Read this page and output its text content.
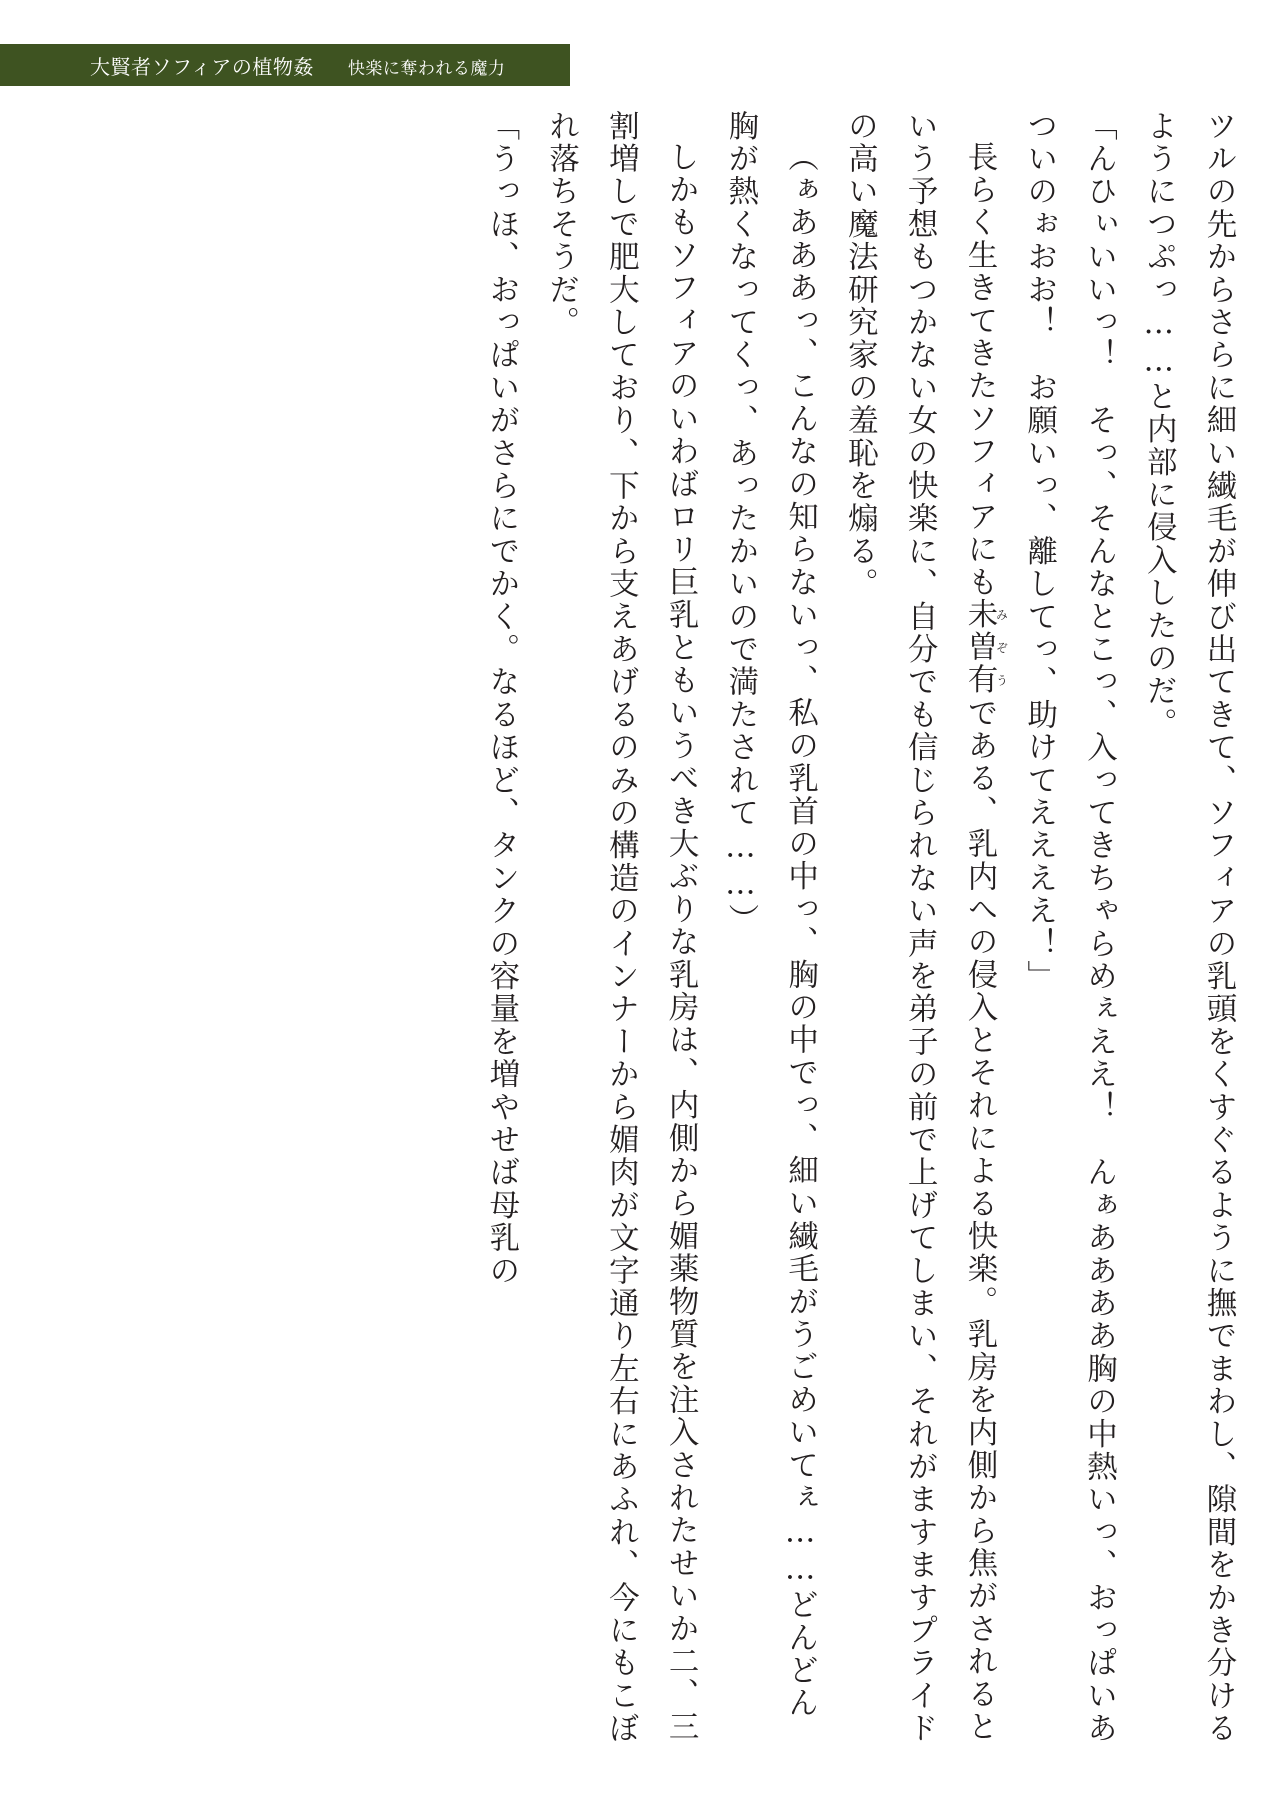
大賢者ソフィアの植物姦 快楽に奪われる魔力

ツルの先からさらに細い繊毛が伸び出てきて、ソフィアの乳頭をくすぐるように撫でまわし、隙間をかき分けるようにつぷっ……と内部に侵入したのだ。

「んひぃいいっ！　そっ、そんなとこっ、入ってきちゃらめぇええ！　んぁああああ胸の中熱いっ、おっぱいあついのぉおお！　お願いっ、離してっ、助けてええええ！」

長らく生きてきたソフィアにも未曽有みぞうである、乳内への侵入とそれによる快楽。乳房を内側から焦がされるという予想もつかない女の快楽に、自分でも信じられない声を弟子の前で上げてしまい、それがますますプライドの高い魔法研究家の羞恥を煽る。

（ぁあああっ、こんなの知らないっ、私の乳首の中っ、胸の中でっ、細い繊毛がうごめいてぇ……どんどん胸が熱くなってくっ、あったかいので満たされて……）

しかもソフィアのいわばロリ巨乳ともいうべき大ぶりな乳房は、内側から媚薬物質を注入されたせいか二、三割増しで肥大しており、下から支えあげるのみの構造のインナーから媚肉が文字通り左右にあふれ、今にもこぼれ落ちそうだ。

「うっほ、おっぱいがさらにでかく。なるほど、タンクの容量を増やせば母乳の
